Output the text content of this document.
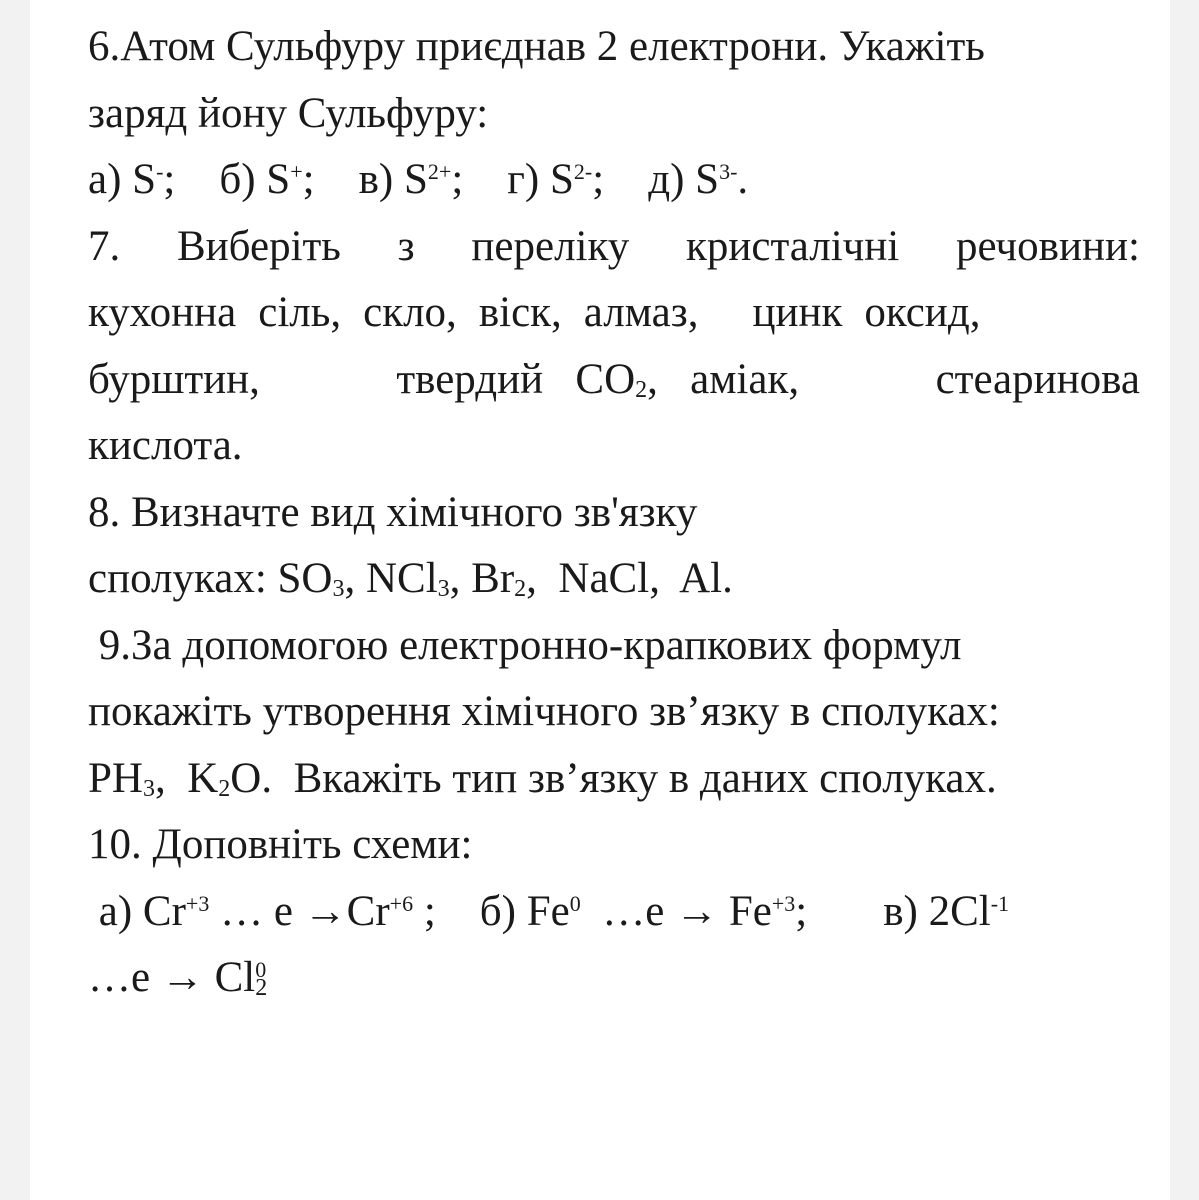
6.Атом Сульфуру приєднав 2 електрони. Укажіть
заряд йону Сульфуру:
а) S-; б) S+; в) $S^{2+}$; г) $S^{2-}$; д) $S^{3-}$.
7. Виберіть з переліку кристалічні речовини:
кухонна сіль, скло, віск, алмаз, цинк оксид,
бурштин,	твердий $CO_2$, аміак,	стеаринова
кислота.
8. Визначте вид хімічного зв'язку
сполуках: $SO_3$, NCl$_3$, $Br_2$,  NaCl,  Al.
9.За допомогою електронно-крапкових формул
покажіть утворення хімічного зв’язку в сполуках:
$PH_3$,  $K_2O$.  Вкажіть тип зв’язку в даних сполуках.
10. Доповніть схеми:
а) $Cr^{+3}$ … $е \to Cr^{+6}$ ; б) Fe$^0$  …е → $Fe^{+3}$; в) $2Cl^{-1}$
…е → $Cl_2^0$
